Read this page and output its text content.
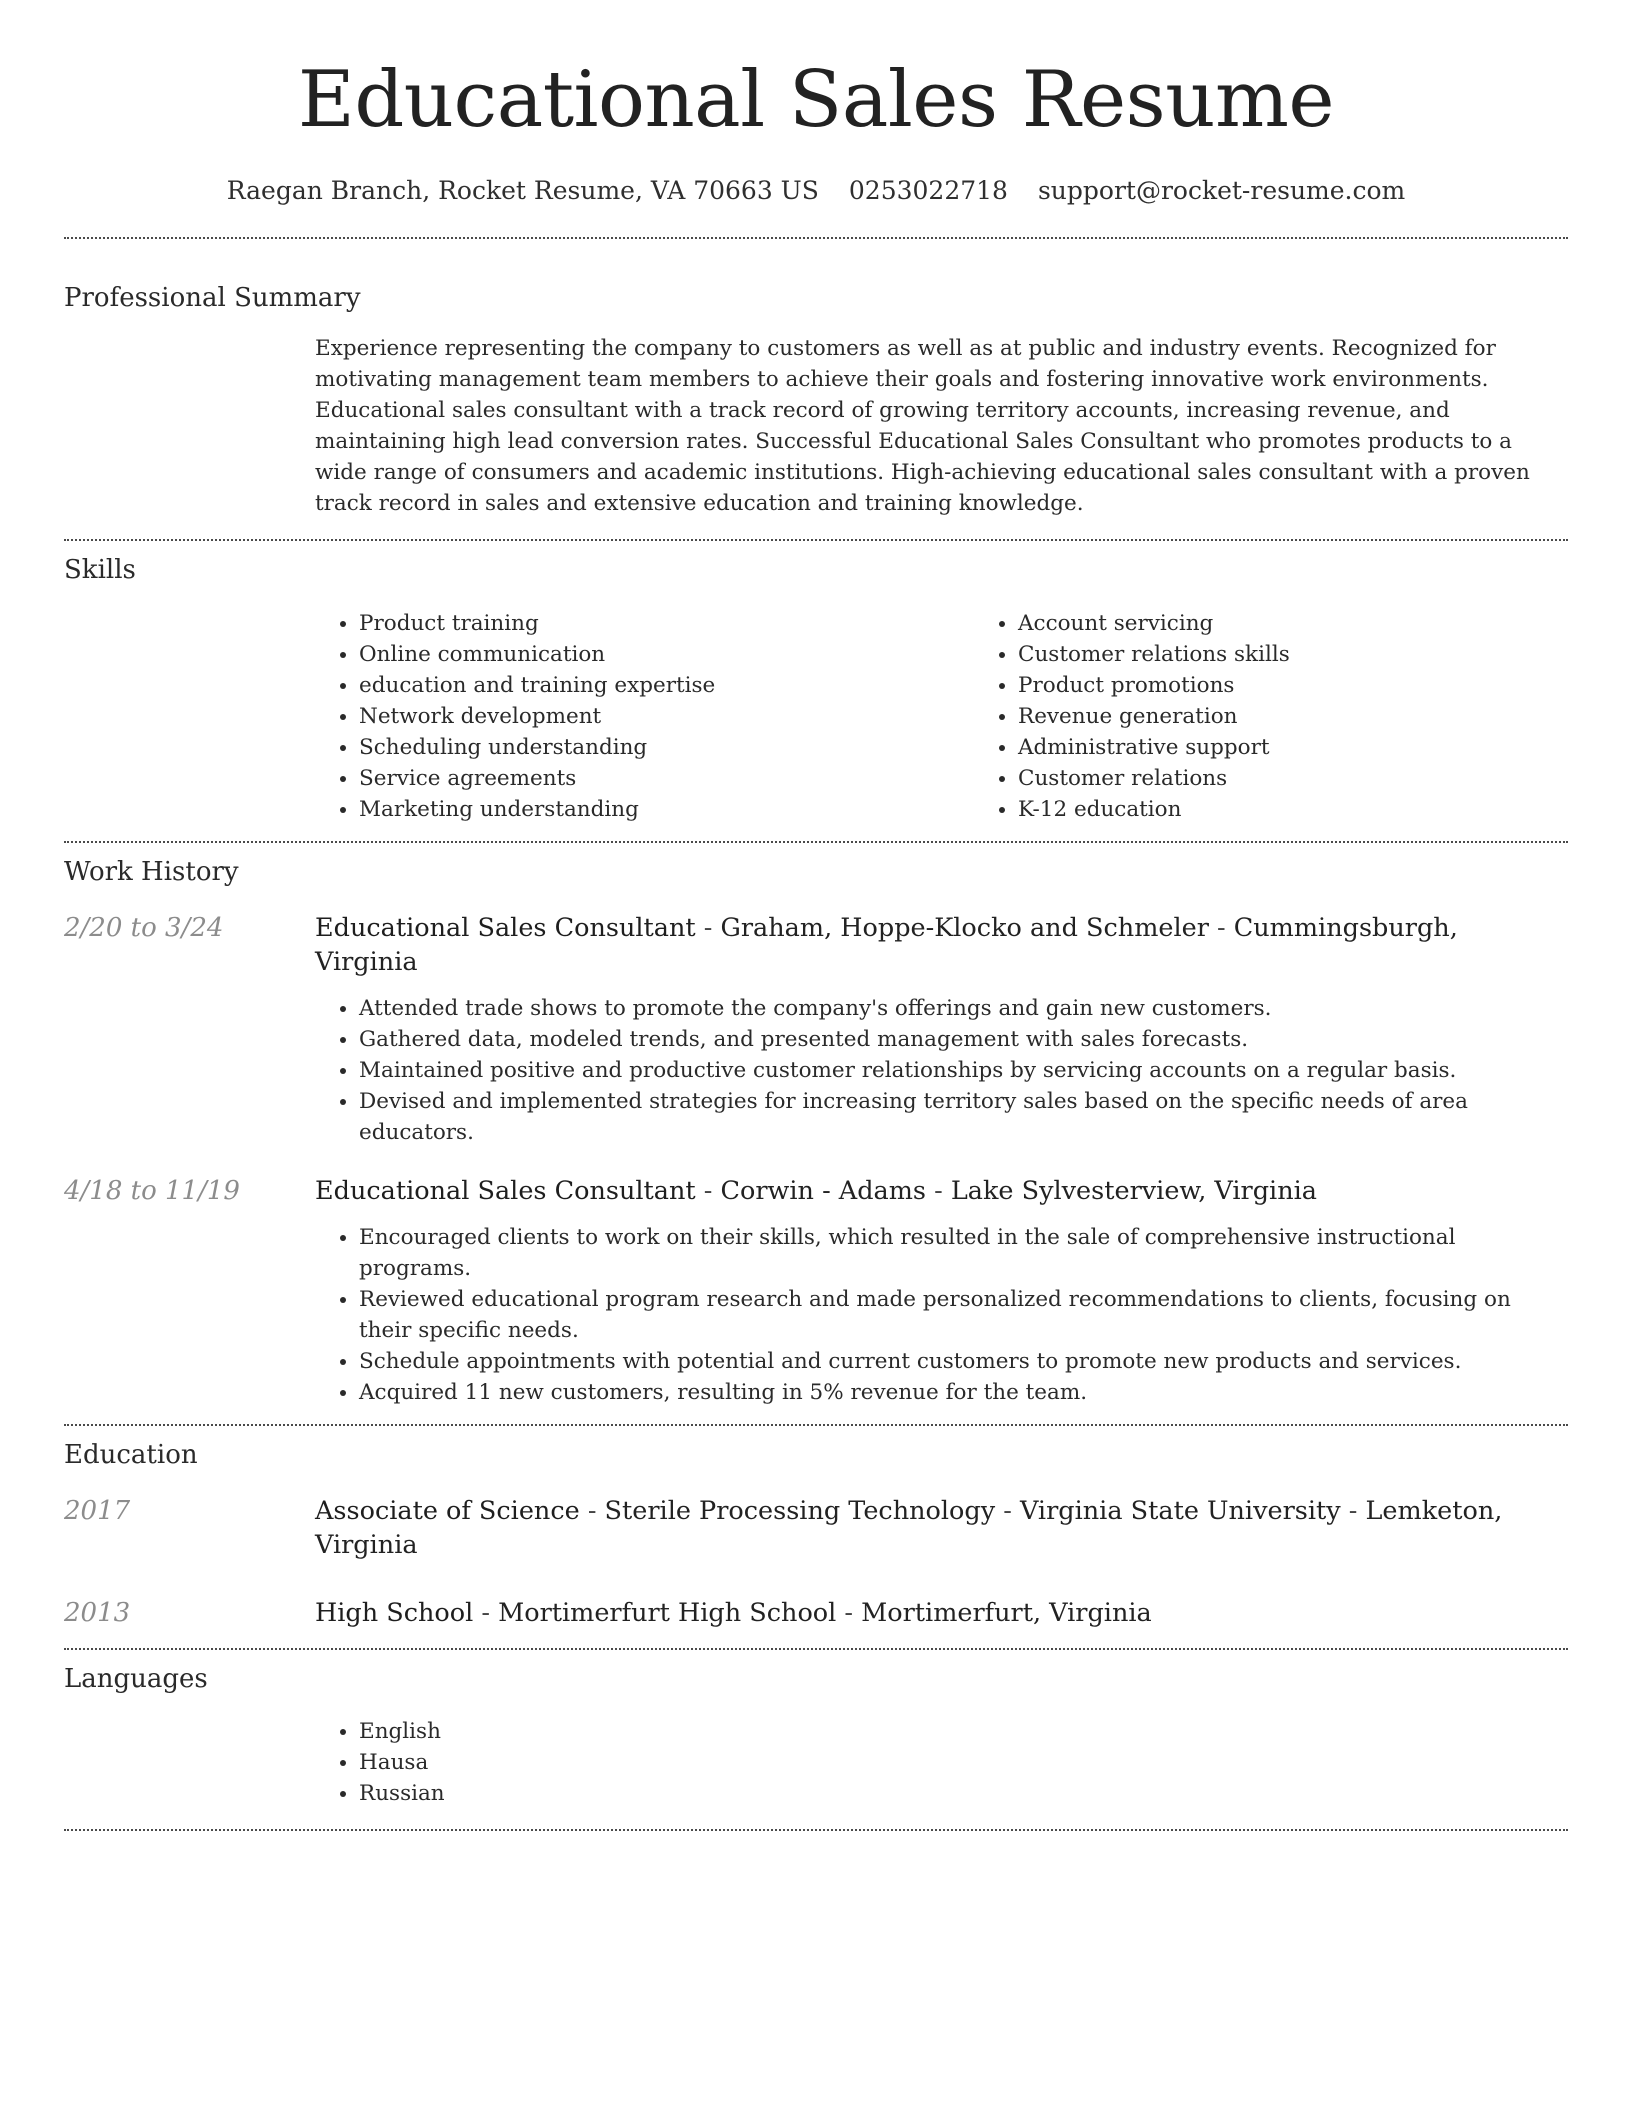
Educational Sales Resume
Raegan Branch, Rocket Resume, VA 70663 US 0253022718 support@rocket-resume.com
Professional Summary

Experience representing the company to customers as well as at public and industry events. Recognized for motivating management team members to achieve their goals and fostering innovative work environments. Educational sales consultant with a track record of growing territory accounts, increasing revenue, and maintaining high lead conversion rates. Successful Educational Sales Consultant who promotes products to a wide range of consumers and academic institutions. High-achieving educational sales consultant with a proven track record in sales and extensive education and training knowledge.

Skills
• Product training
• Online communication
• education and training expertise
• Network development
• Scheduling understanding
• Service agreements
• Marketing understanding
• Account servicing
• Customer relations skills
• Product promotions
• Revenue generation
• Administrative support
• Customer relations
• K-12 education
Work History
2/20 to 3/24	Educational Sales Consultant - Graham, Hoppe-Klocko and Schmeler - Cummingsburgh, Virginia
• Attended trade shows to promote the company's offerings and gain new customers.
• Gathered data, modeled trends, and presented management with sales forecasts.
• Maintained positive and productive customer relationships by servicing accounts on a regular basis.
• Devised and implemented strategies for increasing territory sales based on the specific needs of area educators.
4/18 to 11/19	Educational Sales Consultant - Corwin - Adams - Lake Sylvesterview, Virginia
• Encouraged clients to work on their skills, which resulted in the sale of comprehensive instructional programs.
• Reviewed educational program research and made personalized recommendations to clients, focusing on their specific needs.
• Schedule appointments with potential and current customers to promote new products and services.
• Acquired 11 new customers, resulting in 5% revenue for the team.
Education
2017	Associate of Science - Sterile Processing Technology - Virginia State University - Lemketon, Virginia
2013	High School - Mortimerfurt High School - Mortimerfurt, Virginia
Languages
• English
• Hausa
• Russian
